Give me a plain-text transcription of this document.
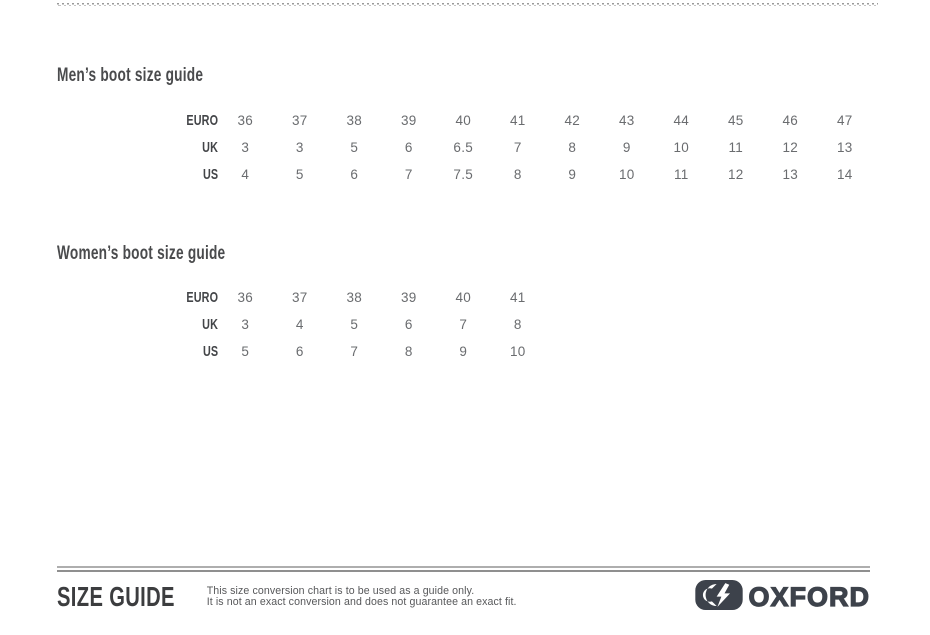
Men’s boot size guide
EURO	36	37	38	39	40	41	42	43	44	45	46	47
UK	3	3	5	6	6.5	7	8	9	10	11	12	13
US	4	5	6	7	7.5	8	9	10	11	12	13	14
Women’s boot size guide
EURO	36	37	38	39	40	41
UK	3	4	5	6	7	8
US	5	6	7	8	9	10
SIZE GUIDE	This size conversion chart is to be used as a guide only.
It is not an exact conversion and does not guarantee an exact fit.	OXFORD
